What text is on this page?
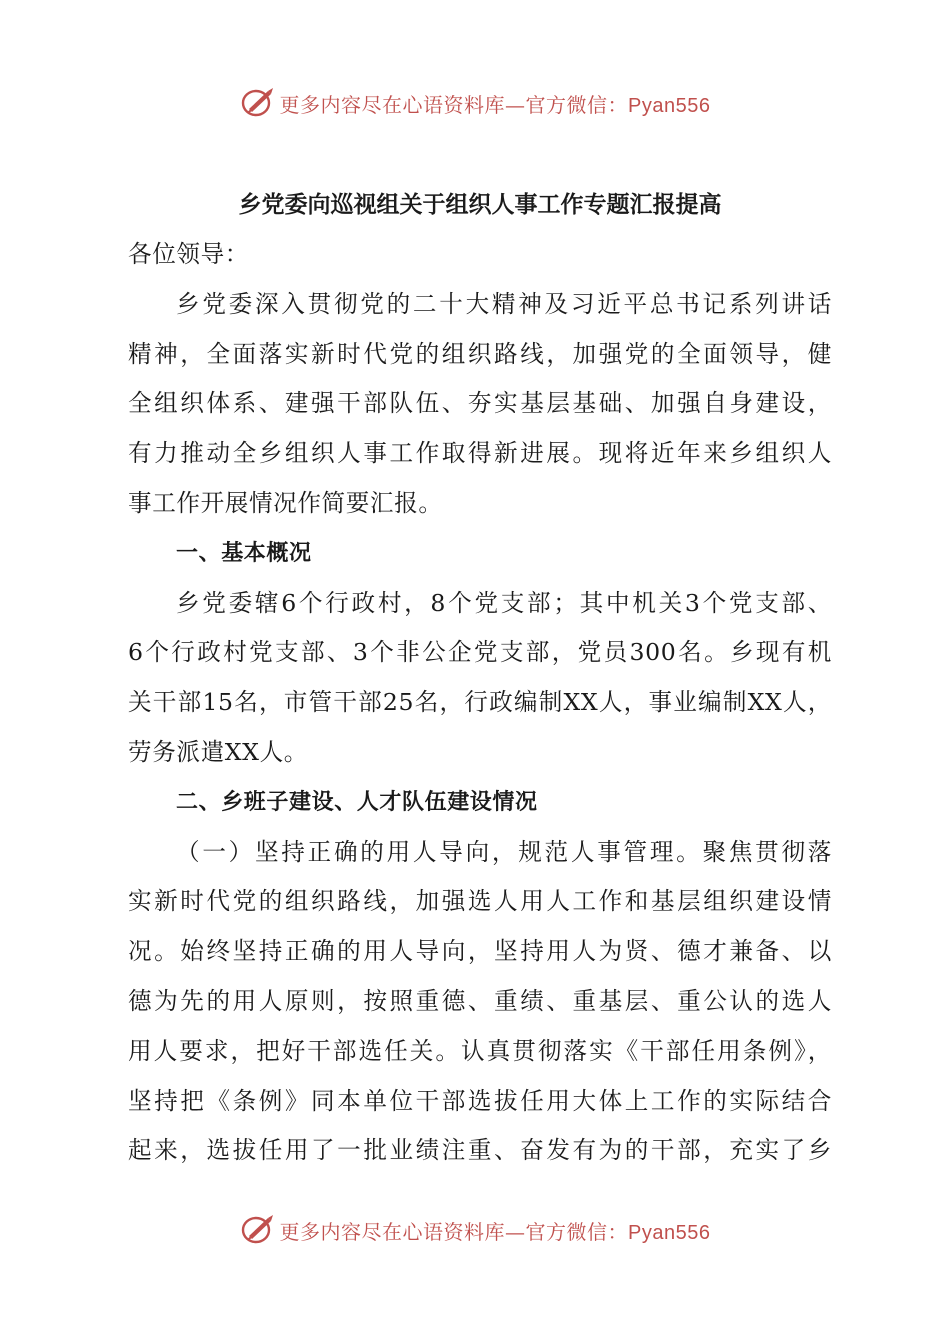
更多内容尽在心语资料库—官方微信：Pyan556
乡党委向巡视组关于组织人事工作专题汇报提高
各位领导：
乡党委深入贯彻党的二十大精神及习近平总书记系列讲话
精神，全面落实新时代党的组织路线，加强党的全面领导，健
全组织体系、建强干部队伍、夯实基层基础、加强自身建设，
有力推动全乡组织人事工作取得新进展。现将近年来乡组织人
事工作开展情况作简要汇报。
一、基本概况
乡党委辖6个行政村，8个党支部；其中机关3个党支部、
6个行政村党支部、3个非公企党支部，党员300名。乡现有机
关干部15名，市管干部25名，行政编制XX人，事业编制XX人，
劳务派遣XX人。
二、乡班子建设、人才队伍建设情况
（一）坚持正确的用人导向，规范人事管理。聚焦贯彻落
实新时代党的组织路线，加强选人用人工作和基层组织建设情
况。始终坚持正确的用人导向，坚持用人为贤、德才兼备、以
德为先的用人原则，按照重德、重绩、重基层、重公认的选人
用人要求，把好干部选任关。认真贯彻落实《干部任用条例》，
坚持把《条例》同本单位干部选拔任用大体上工作的实际结合
起来，选拔任用了一批业绩注重、奋发有为的干部，充实了乡
更多内容尽在心语资料库—官方微信：Pyan556
